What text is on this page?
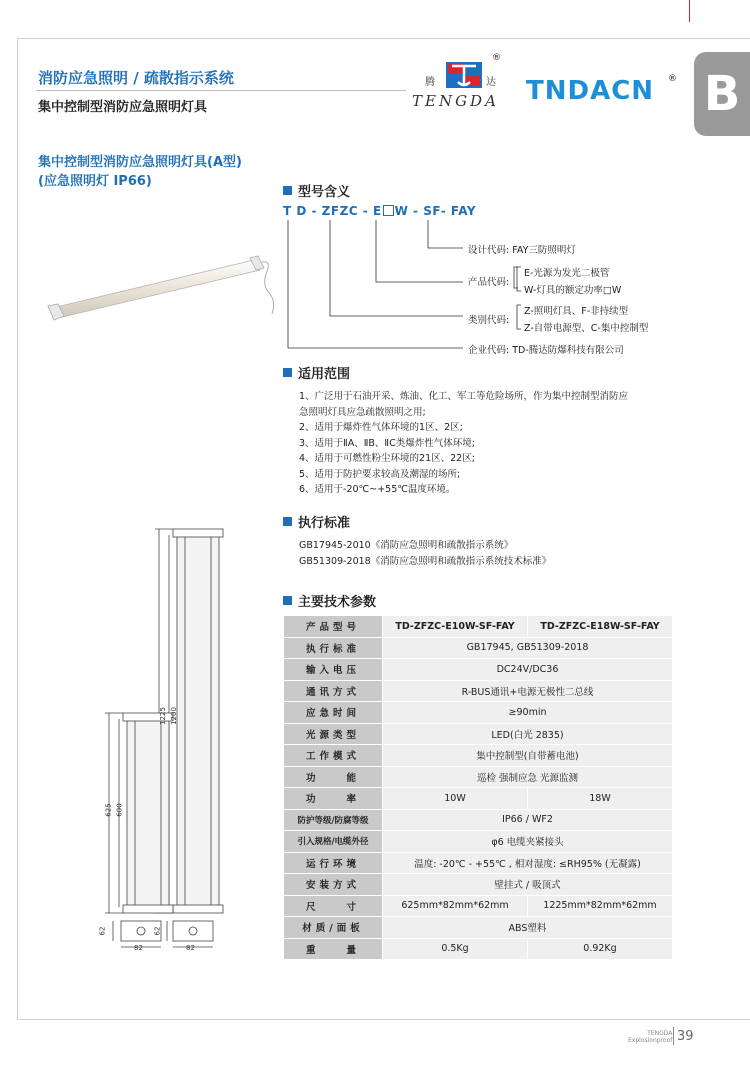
消防应急照明 / 疏散指示系统
集中控制型消防应急照明灯具
®
腾	达
TENGDA TNDACN ® B
集中控制型消防应急照明灯具(A型)
(应急照明灯 IP66)
型号含义
T D - ZFZC - E W - SF- FAY
设计代码: FAY三防照明灯
产品代码:
E-光源为发光二极管
W-灯具的额定功率□W
类别代码:
Z-照明灯具、F-非持续型
Z-自带电源型、C-集中控制型
企业代码: TD-腾达防爆科技有限公司
适用范围
1、广泛用于石油开采、炼油、化工、军工等危险场所，作为集中控制型消防应
急照明灯具应急疏散照明之用;
2、适用于爆炸性气体环境的1区、2区;
3、适用于ⅡA、ⅡB、ⅡC类爆炸性气体环境;
4、适用于可燃性粉尘环境的21区、22区;
5、适用于防护要求较高及潮湿的场所;
6、适用于-20℃~+55℃温度环境。
执行标准
GB17945-2010《消防应急照明和疏散指示系统》
GB51309-2018《消防应急照明和疏散指示系统技术标准》
主要技术参数
产品型号	TD-ZFZC-E10W-SF-FAY	TD-ZFZC-E18W-SF-FAY
执行标准	GB17945, GB51309-2018	
输入电压	DC24V/DC36	
通讯方式	R-BUS通讯+电源无极性二总线	
应急时间	≥90min	
光源类型	LED(白光 2835)	
工作模式	集中控制型(自带蓄电池)	
功　　能	巡检 强制应急 光源监测	
功　　率	10W	18W
防护等级/防腐等级	IP66 / WF2	
引入规格/电缆外径	φ6 电缆夹紧接头	
运行环境	温度: -20℃ - +55℃ , 相对湿度: ≤RH95% (无凝露)	
安装方式	壁挂式 / 吸顶式	
尺　　寸	625mm*82mm*62mm	1225mm*82mm*62mm
材质/面板	ABS塑料	
重　　量	0.5Kg	0.92Kg
1225 1200
625 600
62
82
62
82
TENGDA
Explosionproof 39
